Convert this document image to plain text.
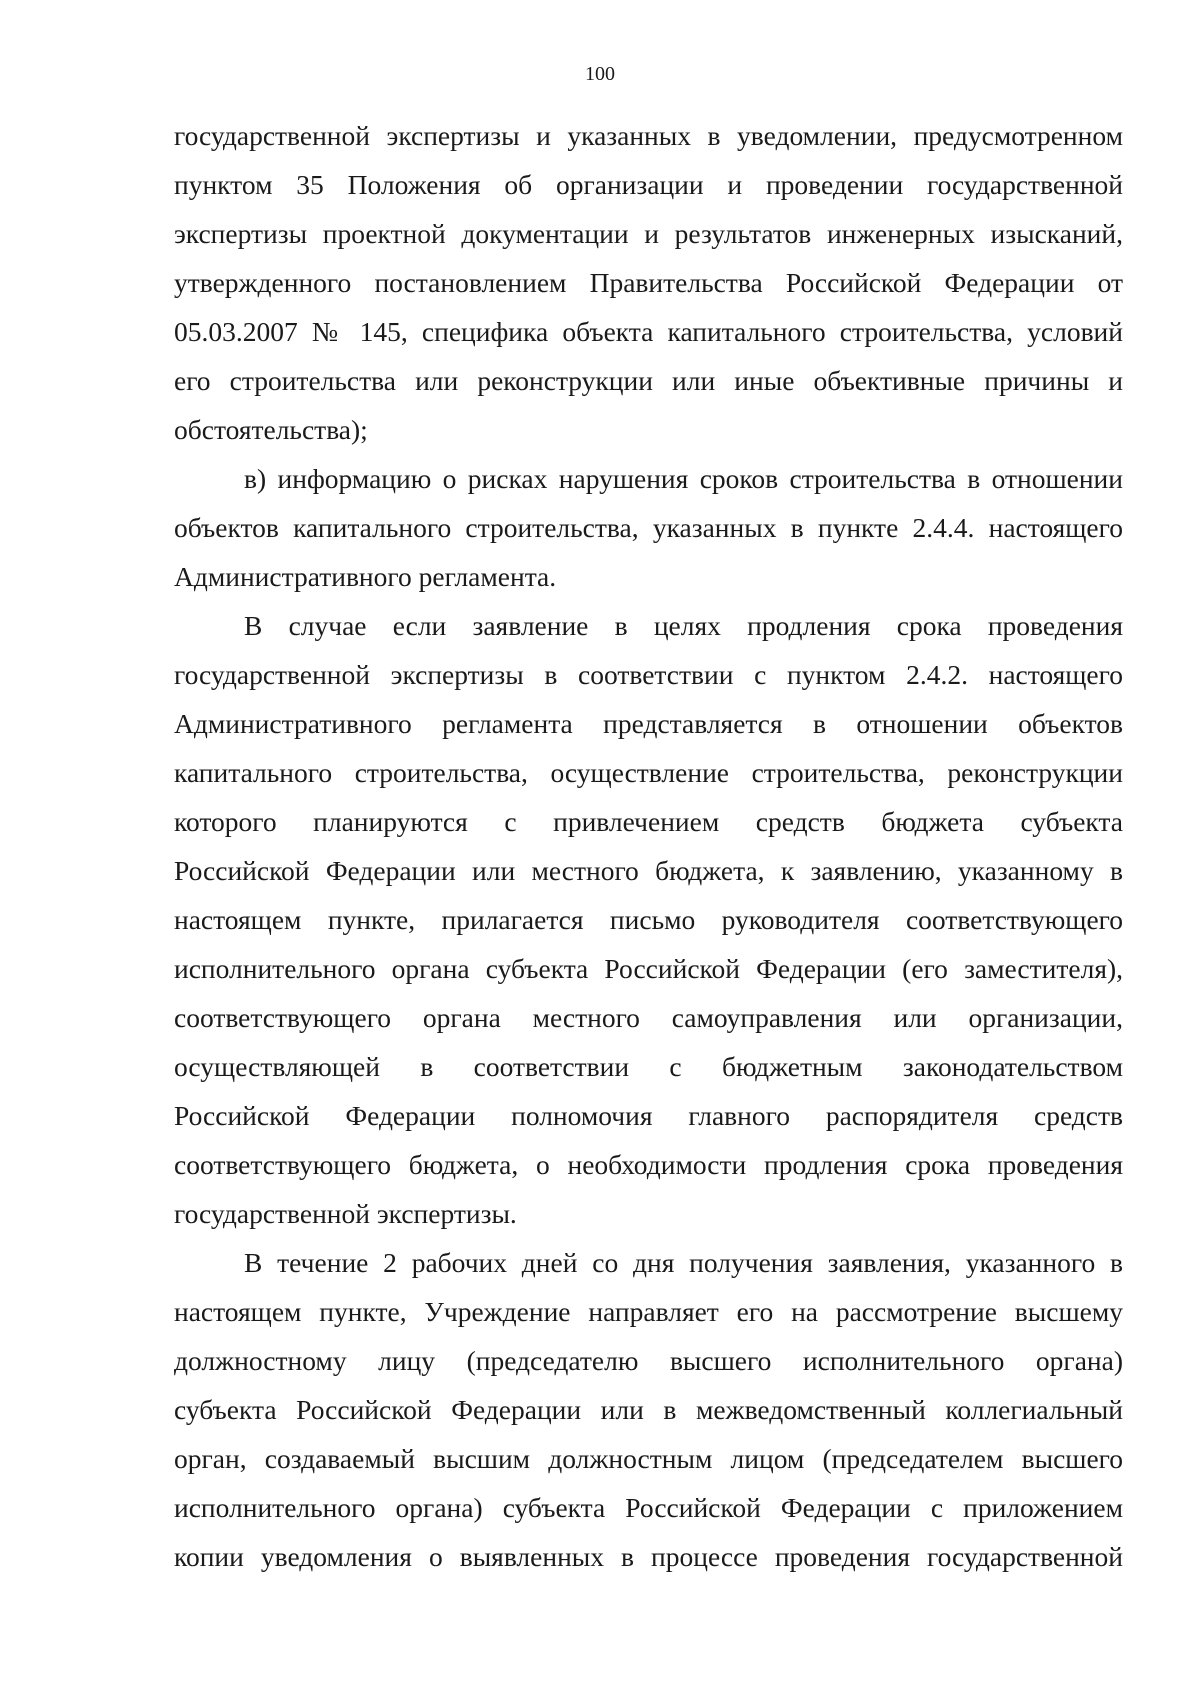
100
государственной экспертизы и указанных в уведомлении, предусмотренном
пунктом 35 Положения об организации и проведении государственной
экспертизы проектной документации и результатов инженерных изысканий,
утвержденного постановлением Правительства Российской Федерации от
05.03.2007 № 145, специфика объекта капитального строительства, условий
его строительства или реконструкции или иные объективные причины и
обстоятельства);
в) информацию о рисках нарушения сроков строительства в отношении
объектов капитального строительства, указанных в пункте 2.4.4. настоящего
Административного регламента.
В случае если заявление в целях продления срока проведения
государственной экспертизы в соответствии с пунктом 2.4.2. настоящего
Административного регламента представляется в отношении объектов
капитального строительства, осуществление строительства, реконструкции
которого планируются с привлечением средств бюджета субъекта
Российской Федерации или местного бюджета, к заявлению, указанному в
настоящем пункте, прилагается письмо руководителя соответствующего
исполнительного органа субъекта Российской Федерации (его заместителя),
соответствующего органа местного самоуправления или организации,
осуществляющей в соответствии с бюджетным законодательством
Российской Федерации полномочия главного распорядителя средств
соответствующего бюджета, о необходимости продления срока проведения
государственной экспертизы.
В течение 2 рабочих дней со дня получения заявления, указанного в
настоящем пункте, Учреждение направляет его на рассмотрение высшему
должностному лицу (председателю высшего исполнительного органа)
субъекта Российской Федерации или в межведомственный коллегиальный
орган, создаваемый высшим должностным лицом (председателем высшего
исполнительного органа) субъекта Российской Федерации с приложением
копии уведомления о выявленных в процессе проведения государственной
